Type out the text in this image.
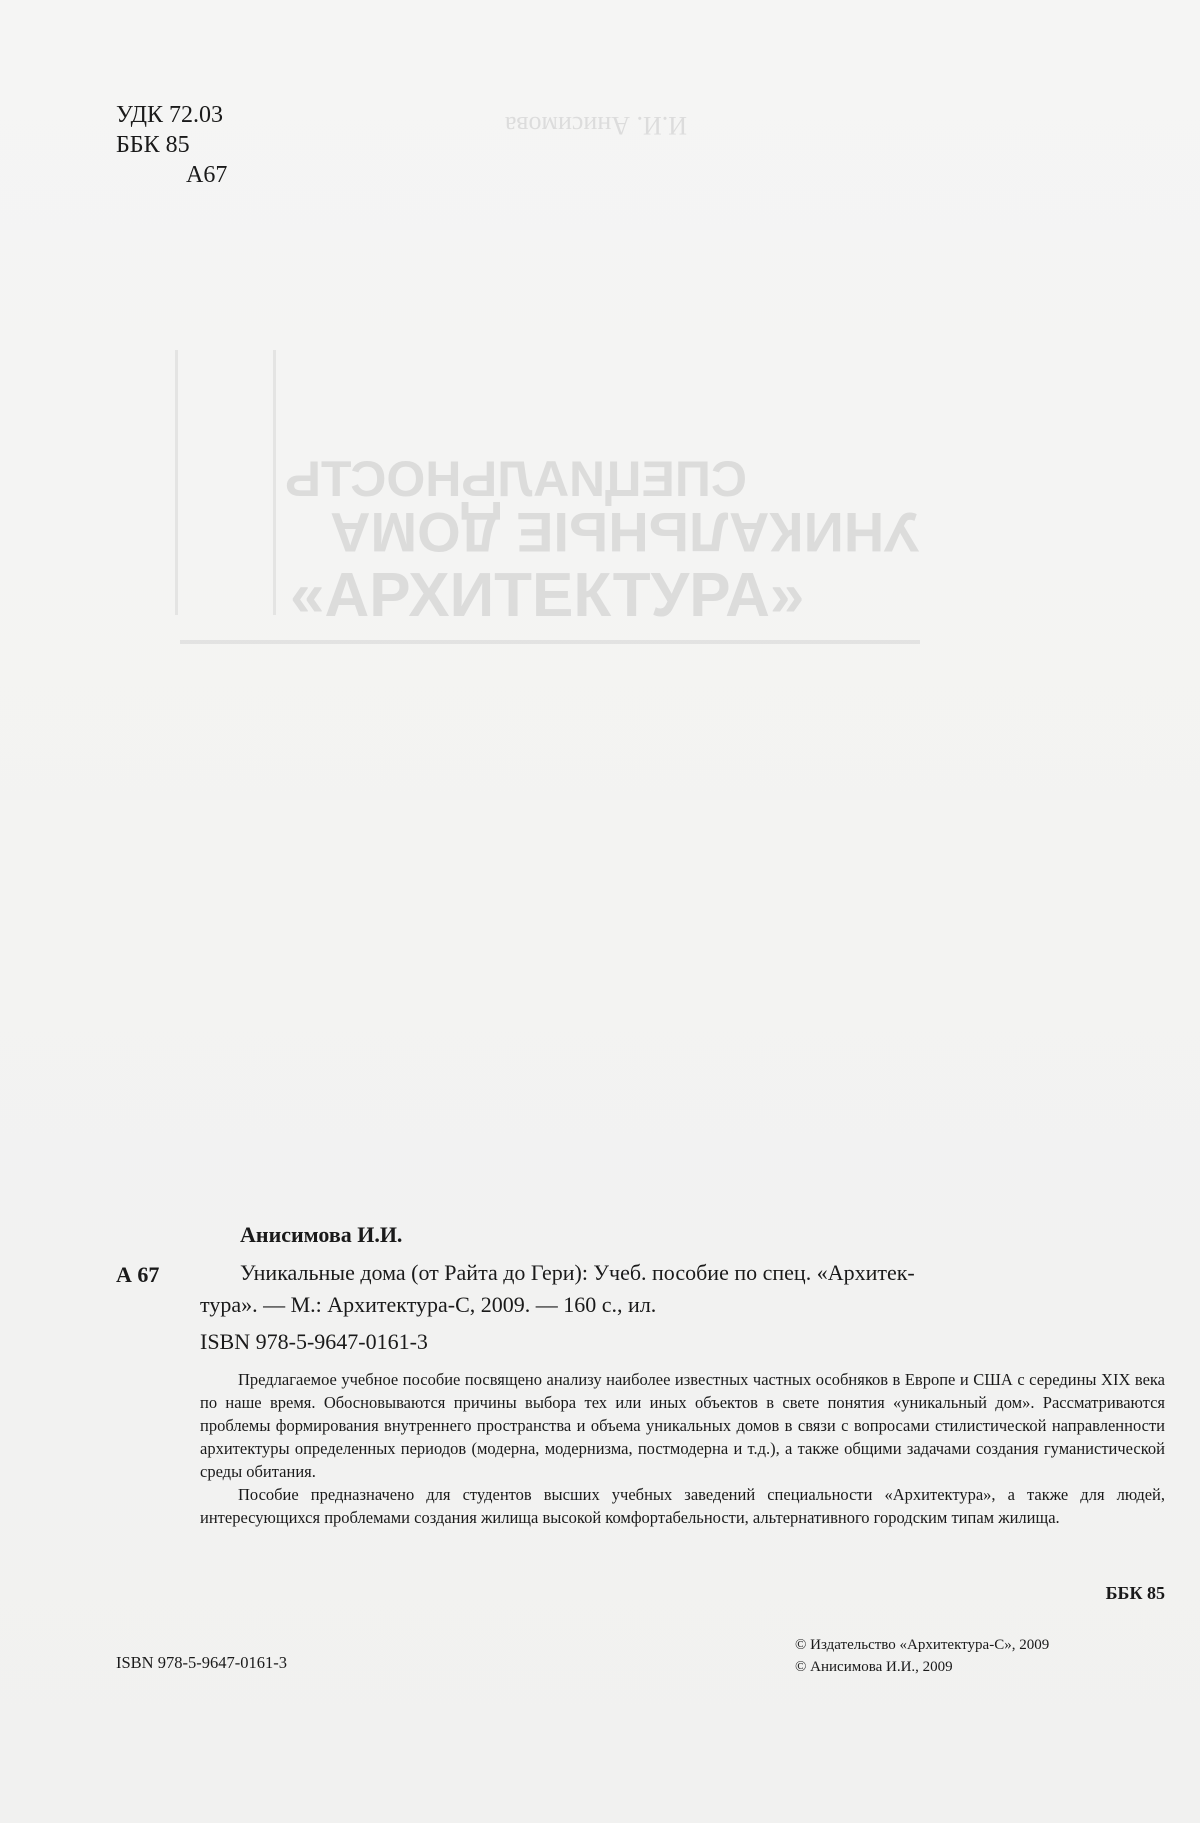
И.И. Анисимова
СПЕЦИАЛЬНОСТЬ
УНИКАЛЬНЫЕ ДОМА
«АРХИТЕКТУРА»
УДК 72.03
ББК 85
А67
Анисимова И.И.
А 67	Уникальные дома (от Райта до Гери): Учеб. пособие по спец. «Архитек-
тура». — М.: Архитектура-С, 2009. — 160 с., ил.
ISBN 978-5-9647-0161-3

Предлагаемое учебное пособие посвящено анализу наиболее известных частных особняков в Европе и США с середины XIX века по наше время. Обосновываются причины выбора тех или иных объектов в свете понятия «уникальный дом». Рассматриваются проблемы формирования внутреннего пространства и объема уникальных домов в связи с вопросами стилистической направленности архитектуры определенных периодов (модерна, модернизма, постмодерна и т.д.), а также общими задачами создания гуманистической среды обитания.

Пособие предназначено для студентов высших учебных заведений специальности «Архитектура», а также для людей, интересующихся проблемами создания жилища высокой комфортабельности, альтернативного городским типам жилища.

ББК 85
ISBN 978-5-9647-0161-3
© Издательство «Архитектура-С», 2009
© Анисимова И.И., 2009
